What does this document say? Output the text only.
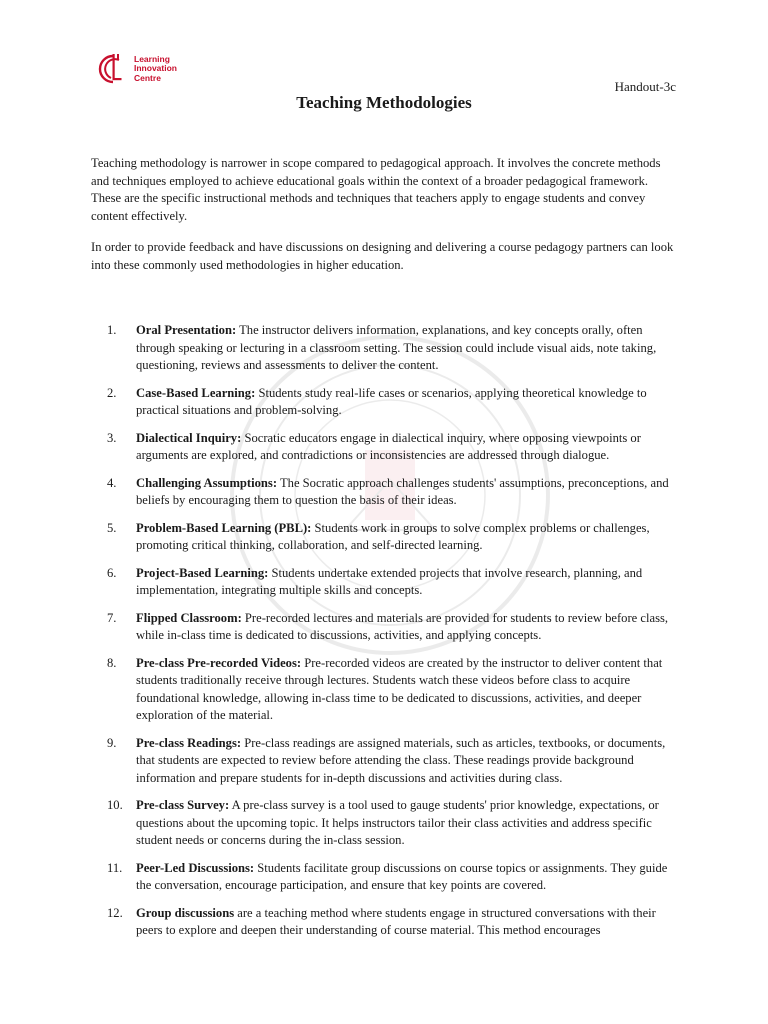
Learning
Innovation
Centre
Handout-3c
Teaching Methodologies

Teaching methodology is narrower in scope compared to pedagogical approach. It involves the concrete methods and techniques employed to achieve educational goals within the context of a broader pedagogical framework. These are the specific instructional methods and techniques that teachers apply to engage students and convey content effectively.

In order to provide feedback and have discussions on designing and delivering a course pedagogy partners can look into these commonly used methodologies in higher education.

1.	Oral Presentation: The instructor delivers information, explanations, and key concepts orally, often through speaking or lecturing in a classroom setting. The session could include visual aids, note taking, questioning, reviews and assessments to deliver the content.
2.	Case-Based Learning: Students study real-life cases or scenarios, applying theoretical knowledge to practical situations and problem-solving.
3.	Dialectical Inquiry: Socratic educators engage in dialectical inquiry, where opposing viewpoints or arguments are explored, and contradictions or inconsistencies are addressed through dialogue.
4.	Challenging Assumptions: The Socratic approach challenges students' assumptions, preconceptions, and beliefs by encouraging them to question the basis of their ideas.
5.	Problem-Based Learning (PBL): Students work in groups to solve complex problems or challenges, promoting critical thinking, collaboration, and self-directed learning.
6.	Project-Based Learning: Students undertake extended projects that involve research, planning, and implementation, integrating multiple skills and concepts.
7.	Flipped Classroom: Pre-recorded lectures and materials are provided for students to review before class, while in-class time is dedicated to discussions, activities, and applying concepts.
8.	Pre-class Pre-recorded Videos: Pre-recorded videos are created by the instructor to deliver content that students traditionally receive through lectures. Students watch these videos before class to acquire foundational knowledge, allowing in-class time to be dedicated to discussions, activities, and deeper exploration of the material.
9.	Pre-class Readings: Pre-class readings are assigned materials, such as articles, textbooks, or documents, that students are expected to review before attending the class. These readings provide background information and prepare students for in-depth discussions and activities during class.
10.	Pre-class Survey: A pre-class survey is a tool used to gauge students' prior knowledge, expectations, or questions about the upcoming topic. It helps instructors tailor their class activities and address specific student needs or concerns during the in-class session.
11.	Peer-Led Discussions: Students facilitate group discussions on course topics or assignments. They guide the conversation, encourage participation, and ensure that key points are covered.
12.	Group discussions are a teaching method where students engage in structured conversations with their peers to explore and deepen their understanding of course material. This method encourages
